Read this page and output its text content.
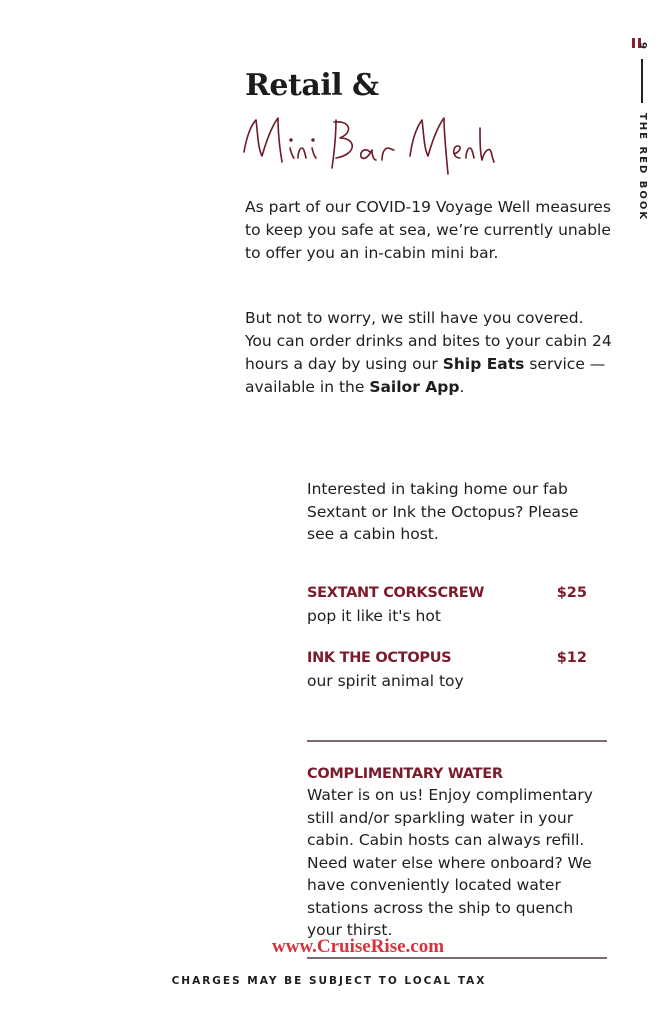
9
THE RED BOOK
Retail &
As part of our COVID-19 Voyage Well measures to keep you safe at sea, we’re currently unable to offer you an in-cabin mini bar.
But not to worry, we still have you covered. You can order drinks and bites to your cabin 24 hours a day by using our Ship Eats service — available in the Sailor App.
Interested in taking home our fab Sextant or Ink the Octopus? Please see a cabin host.
SEXTANT CORKSCREW	$25
pop it like it's hot
INK THE OCTOPUS	$12
our spirit animal toy
COMPLIMENTARY WATER
Water is on us! Enjoy complimentary still and/or sparkling water in your cabin. Cabin hosts can always refill. Need water else where onboard? We have conveniently located water stations across the ship to quench your thirst.
www.CruiseRise.com
CHARGES MAY BE SUBJECT TO LOCAL TAX
